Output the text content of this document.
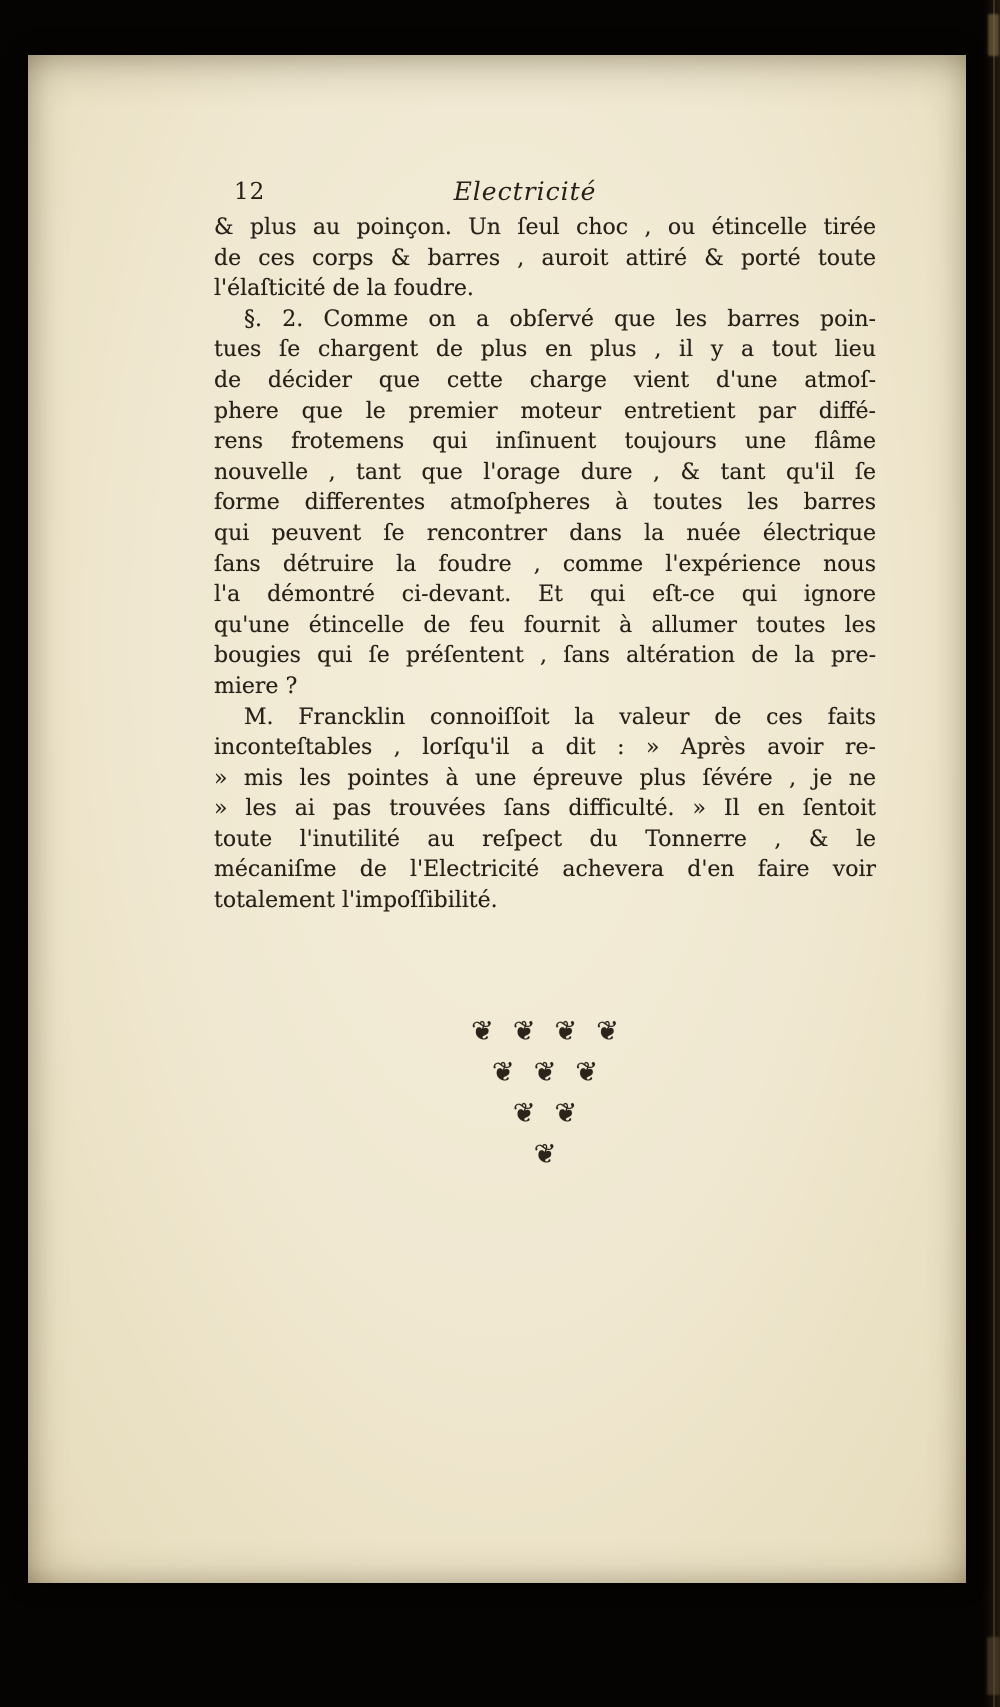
12	Electricité
& plus au poinçon. Un ſeul choc , ou étincelle tirée
de ces corps & barres , auroit attiré & porté toute
l'élaſticité de la foudre.
§. 2. Comme on a obſervé que les barres poin-
tues ſe chargent de plus en plus , il y a tout lieu
de décider que cette charge vient d'une atmoſ-
phere que le premier moteur entretient par diffé-
rens frotemens qui inſinuent toujours une flâme
nouvelle , tant que l'orage dure , & tant qu'il ſe
forme differentes atmoſpheres à toutes les barres
qui peuvent ſe rencontrer dans la nuée électrique
ſans détruire la foudre , comme l'expérience nous
l'a démontré ci-devant. Et qui eſt-ce qui ignore
qu'une étincelle de feu fournit à allumer toutes les
bougies qui ſe préſentent , ſans altération de la pre-
miere ?
M. Francklin connoiſſoit la valeur de ces faits
inconteſtables , lorſqu'il a dit : » Après avoir re-
» mis les pointes à une épreuve plus ſévére , je ne
» les ai pas trouvées ſans difficulté. » Il en ſentoit
toute l'inutilité au reſpect du Tonnerre , & le
mécaniſme de l'Electricité achevera d'en faire voir
totalement l'impoſſibilité.
❦ ❦ ❦ ❦
❦ ❦ ❦
❦ ❦
❦
